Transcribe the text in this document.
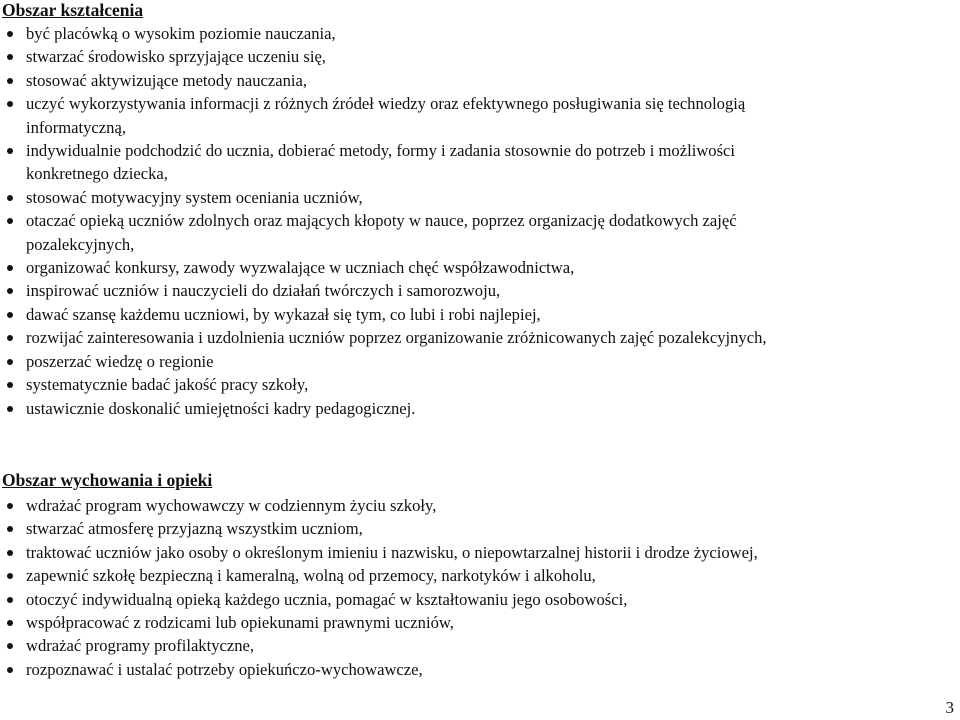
Obszar kształcenia
być placówką o wysokim poziomie nauczania,
stwarzać środowisko sprzyjające uczeniu się,
stosować aktywizujące metody nauczania,
uczyć wykorzystywania informacji z różnych źródeł wiedzy oraz efektywnego posługiwania się technologią
informatyczną,
indywidualnie podchodzić do ucznia, dobierać metody, formy i zadania stosownie do potrzeb i możliwości
konkretnego dziecka,
stosować motywacyjny system oceniania uczniów,
otaczać opieką uczniów zdolnych oraz mających kłopoty w nauce, poprzez organizację dodatkowych zajęć
pozalekcyjnych,
organizować konkursy, zawody wyzwalające w uczniach chęć współzawodnictwa,
inspirować uczniów i nauczycieli do działań twórczych i samorozwoju,
dawać szansę każdemu uczniowi, by wykazał się tym, co lubi i robi najlepiej,
rozwijać zainteresowania i uzdolnienia uczniów poprzez organizowanie zróżnicowanych zajęć pozalekcyjnych,
poszerzać wiedzę o regionie
systematycznie badać jakość pracy szkoły,
ustawicznie doskonalić umiejętności kadry pedagogicznej.
Obszar wychowania i opieki
wdrażać program wychowawczy w codziennym życiu szkoły,
stwarzać atmosferę przyjazną wszystkim uczniom,
traktować uczniów jako osoby o określonym imieniu i nazwisku, o niepowtarzalnej historii i drodze życiowej,
zapewnić szkołę bezpieczną i kameralną, wolną od przemocy, narkotyków i alkoholu,
otoczyć indywidualną opieką każdego ucznia, pomagać w kształtowaniu jego osobowości,
współpracować z rodzicami lub opiekunami prawnymi uczniów,
wdrażać programy profilaktyczne,
rozpoznawać i ustalać potrzeby opiekuńczo-wychowawcze,
3
